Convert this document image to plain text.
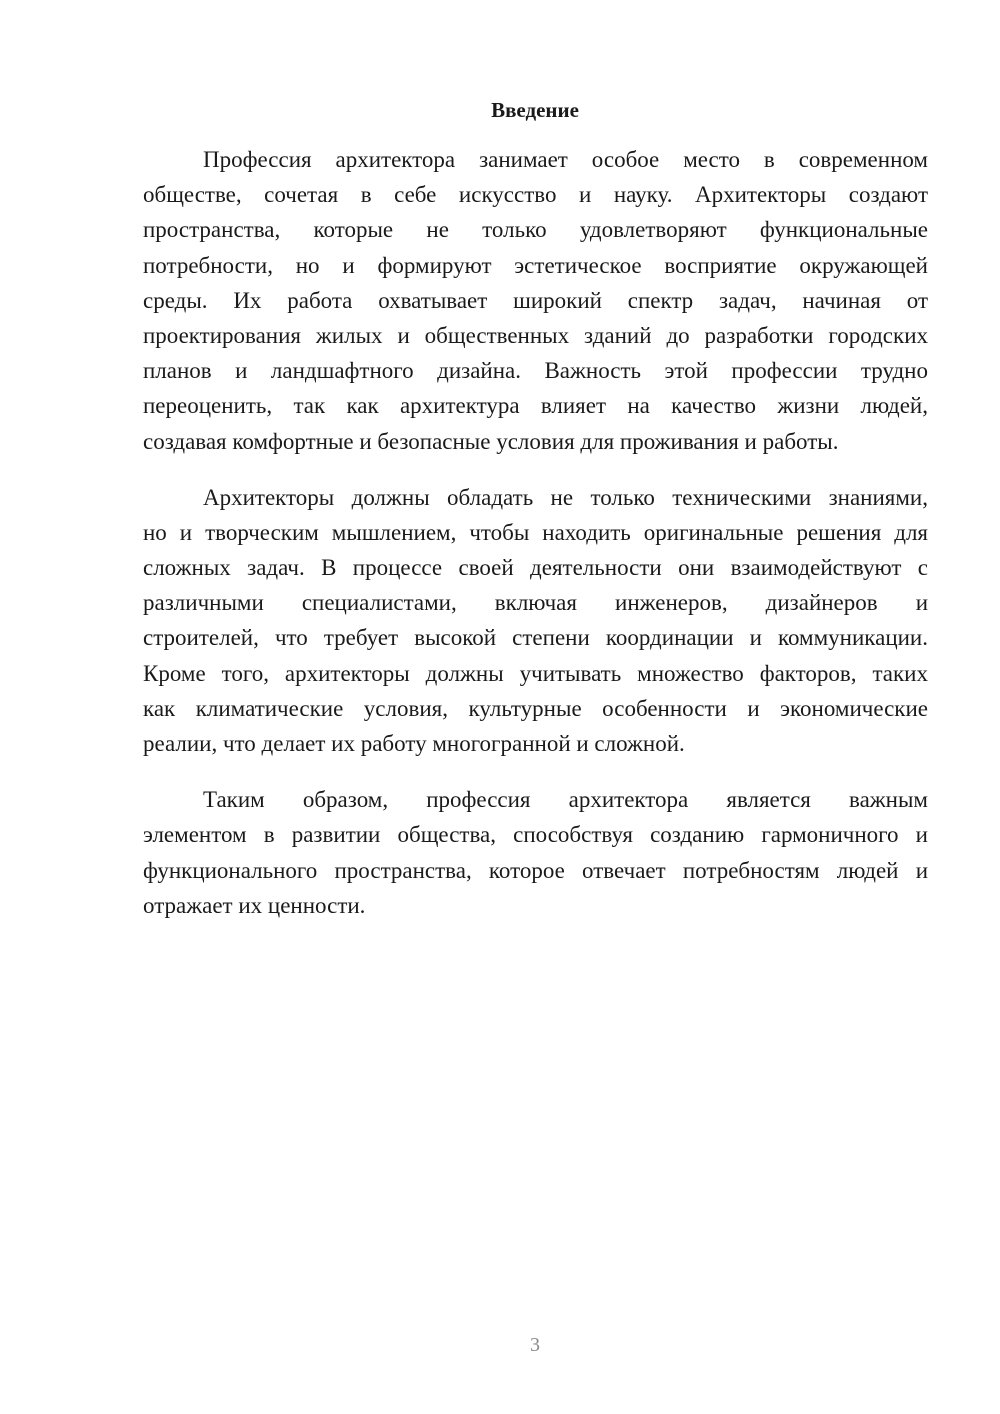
Введение
Профессия архитектора занимает особое место в современном
обществе, сочетая в себе искусство и науку. Архитекторы создают
пространства, которые не только удовлетворяют функциональные
потребности, но и формируют эстетическое восприятие окружающей
среды. Их работа охватывает широкий спектр задач, начиная от
проектирования жилых и общественных зданий до разработки городских
планов и ландшафтного дизайна. Важность этой профессии трудно
переоценить, так как архитектура влияет на качество жизни людей,
создавая комфортные и безопасные условия для проживания и работы.
Архитекторы должны обладать не только техническими знаниями,
но и творческим мышлением, чтобы находить оригинальные решения для
сложных задач. В процессе своей деятельности они взаимодействуют с
различными специалистами, включая инженеров, дизайнеров и
строителей, что требует высокой степени координации и коммуникации.
Кроме того, архитекторы должны учитывать множество факторов, таких
как климатические условия, культурные особенности и экономические
реалии, что делает их работу многогранной и сложной.
Таким образом, профессия архитектора является важным
элементом в развитии общества, способствуя созданию гармоничного и
функционального пространства, которое отвечает потребностям людей и
отражает их ценности.
3
